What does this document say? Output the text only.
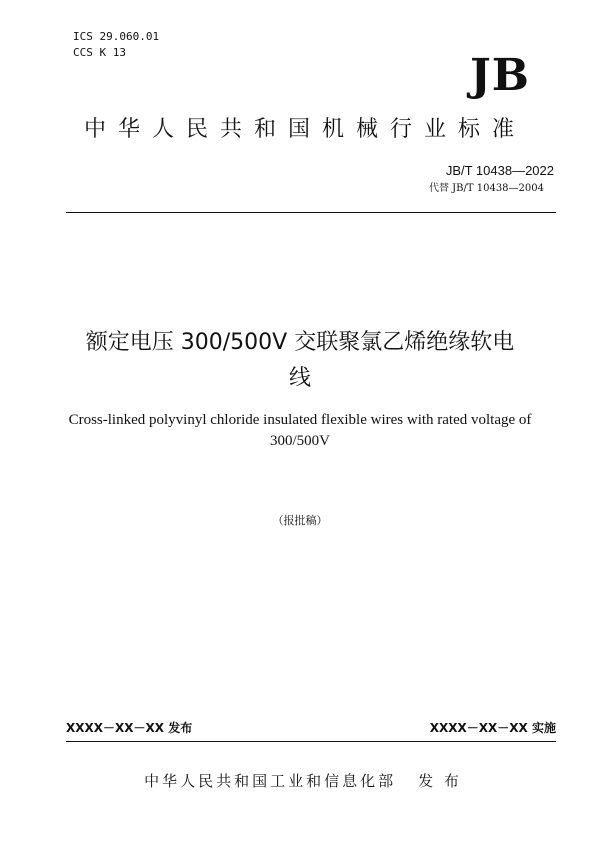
ICS 29.060.01
CCS K 13	JB
中华人民共和国机械行业标准
JB/T 10438—2022
代替 JB/T 10438—2004
额定电压 300/500V 交联聚氯乙烯绝缘软电
线
Cross-linked polyvinyl chloride insulated flexible wires with rated voltage of
300/500V
（报批稿）
XXXX－XX－XX 发布	XXXX－XX－XX 实施
中华人民共和国工业和信息化部 发 布
